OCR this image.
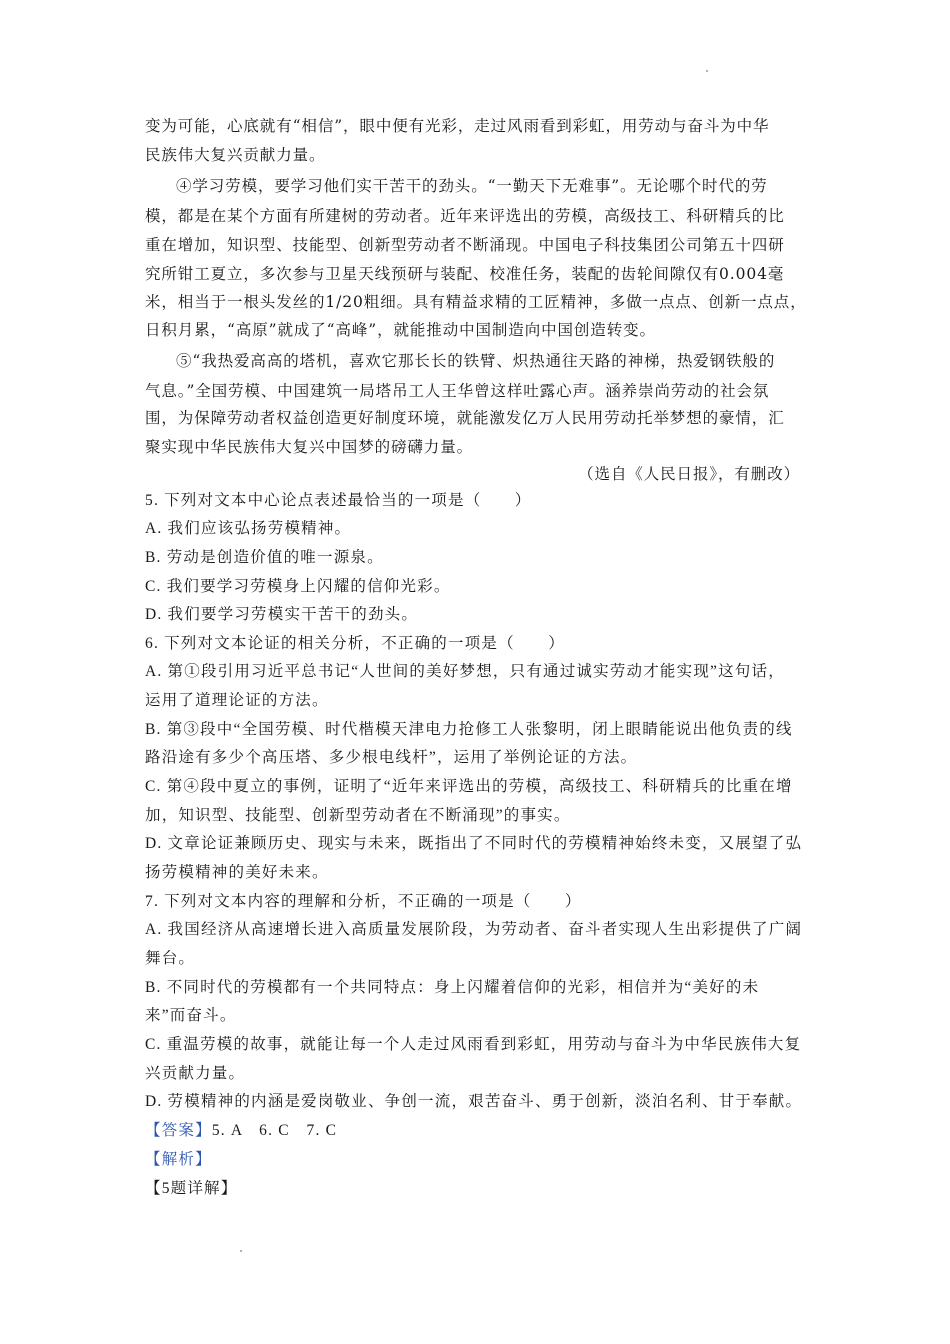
变为可能，心底就有“相信”，眼中便有光彩，走过风雨看到彩虹，用劳动与奋斗为中华
民族伟大复兴贡献力量。
④学习劳模，要学习他们实干苦干的劲头。“一勤天下无难事”。无论哪个时代的劳
模，都是在某个方面有所建树的劳动者。近年来评选出的劳模，高级技工、科研精兵的比
重在增加，知识型、技能型、创新型劳动者不断涌现。中国电子科技集团公司第五十四研
究所钳工夏立，多次参与卫星天线预研与装配、校准任务，装配的齿轮间隙仅有0.004毫
米，相当于一根头发丝的1/20粗细。具有精益求精的工匠精神，多做一点点、创新一点点，
日积月累，“高原”就成了“高峰”，就能推动中国制造向中国创造转变。
⑤“我热爱高高的塔机，喜欢它那长长的铁臂、炽热通往天路的神梯，热爱钢铁般的
气息。”全国劳模、中国建筑一局塔吊工人王华曾这样吐露心声。涵养崇尚劳动的社会氛
围，为保障劳动者权益创造更好制度环境，就能激发亿万人民用劳动托举梦想的豪情，汇
聚实现中华民族伟大复兴中国梦的磅礴力量。
（选自《人民日报》，有删改）
5. 下列对文本中心论点表述最恰当的一项是（　　）
A. 我们应该弘扬劳模精神。
B. 劳动是创造价值的唯一源泉。
C. 我们要学习劳模身上闪耀的信仰光彩。
D. 我们要学习劳模实干苦干的劲头。
6. 下列对文本论证的相关分析，不正确的一项是（　　）
A. 第①段引用习近平总书记“人世间的美好梦想，只有通过诚实劳动才能实现”这句话，
运用了道理论证的方法。
B. 第③段中“全国劳模、时代楷模天津电力抢修工人张黎明，闭上眼睛能说出他负责的线
路沿途有多少个高压塔、多少根电线杆”，运用了举例论证的方法。
C. 第④段中夏立的事例，证明了“近年来评选出的劳模，高级技工、科研精兵的比重在增
加，知识型、技能型、创新型劳动者在不断涌现”的事实。
D. 文章论证兼顾历史、现实与未来，既指出了不同时代的劳模精神始终未变，又展望了弘
扬劳模精神的美好未来。
7. 下列对文本内容的理解和分析，不正确的一项是（　　）
A. 我国经济从高速增长进入高质量发展阶段，为劳动者、奋斗者实现人生出彩提供了广阔
舞台。
B. 不同时代的劳模都有一个共同特点：身上闪耀着信仰的光彩，相信并为“美好的未
来”而奋斗。
C. 重温劳模的故事，就能让每一个人走过风雨看到彩虹，用劳动与奋斗为中华民族伟大复
兴贡献力量。
D. 劳模精神的内涵是爱岗敬业、争创一流，艰苦奋斗、勇于创新，淡泊名利、甘于奉献。
【答案】5. A　6. C　7. C
【解析】
【5题详解】
